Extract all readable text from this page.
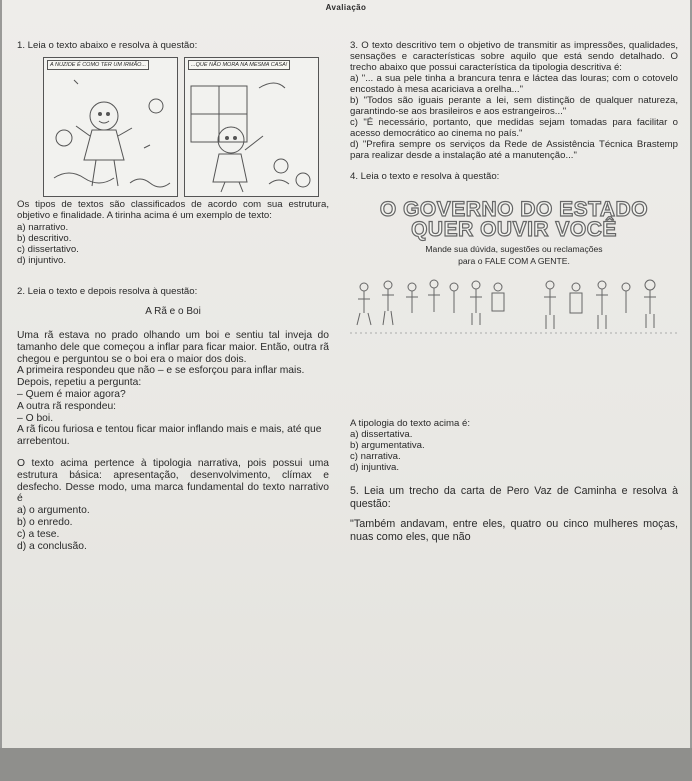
Avaliação

1. Leia o texto abaixo e resolva à questão:

A NUZIDE É COMO TER UM IRMÃO...	...QUE NÃO MORA NA MESMA CASA!

Os tipos de textos são classificados de acordo com sua estrutura, objetivo e finalidade. A tirinha acima é um exemplo de texto:

a) narrativo.

b) descritivo.

c) dissertativo.

d) injuntivo.

2. Leia o texto e depois resolva à questão:

A Rã e o Boi

Uma rã estava no prado olhando um boi e sentiu tal inveja do tamanho dele que começou a inflar para ficar maior. Então, outra rã chegou e perguntou se o boi era o maior dos dois.

A primeira respondeu que não – e se esforçou para inflar mais.

Depois, repetiu a pergunta:

– Quem é maior agora?

A outra rã respondeu:

– O boi.

A rã ficou furiosa e tentou ficar maior inflando mais e mais, até que arrebentou.

O texto acima pertence à tipologia narrativa, pois possui uma estrutura básica: apresentação, desenvolvimento, clímax e desfecho. Desse modo, uma marca fundamental do texto narrativo é

a) o argumento.

b) o enredo.

c) a tese.

d) a conclusão.

3. O texto descritivo tem o objetivo de transmitir as impressões, qualidades, sensações e características sobre aquilo que está sendo detalhado. O trecho abaixo que possui característica da tipologia descritiva é:

a) "... a sua pele tinha a brancura tenra e láctea das louras; com o cotovelo encostado à mesa acariciava a orelha..."

b) "Todos são iguais perante a lei, sem distinção de qualquer natureza, garantindo-se aos brasileiros e aos estrangeiros..."

c) "É necessário, portanto, que medidas sejam tomadas para facilitar o acesso democrático ao cinema no país."

d) "Prefira sempre os serviços da Rede de Assistência Técnica Brastemp para realizar desde a instalação até a manutenção..."

4. Leia o texto e resolva à questão:

O GOVERNO DO ESTADO
QUER OUVIR VOCÊ
Mande sua dúvida, sugestões ou reclamações
para o FALE COM A GENTE.

A tipologia do texto acima é:

a) dissertativa.

b) argumentativa.

c) narrativa.

d) injuntiva.

5. Leia um trecho da carta de Pero Vaz de Caminha e resolva à questão:

"Também andavam, entre eles, quatro ou cinco mulheres moças, nuas como eles, que não
